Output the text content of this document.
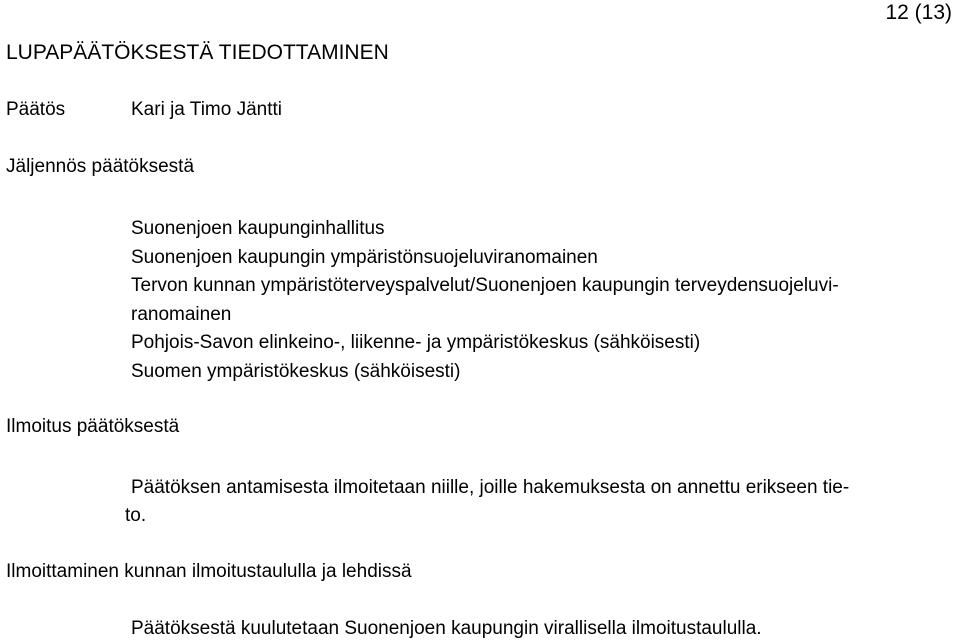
12 (13)
LUPAPÄÄTÖKSESTÄ TIEDOTTAMINEN
Päätös	Kari ja Timo Jäntti
Jäljennös päätöksestä
Suonenjoen kaupunginhallitus
Suonenjoen kaupungin ympäristönsuojeluviranomainen
Tervon kunnan ympäristöterveyspalvelut/Suonenjoen kaupungin terveydensuojeluvi-
ranomainen
Pohjois-Savon elinkeino-, liikenne- ja ympäristökeskus (sähköisesti)
Suomen ympäristökeskus (sähköisesti)
Ilmoitus päätöksestä
Päätöksen antamisesta ilmoitetaan niille, joille hakemuksesta on annettu erikseen tie-
to.
Ilmoittaminen kunnan ilmoitustaululla ja lehdissä
Päätöksestä kuulutetaan Suonenjoen kaupungin virallisella ilmoitustaululla.
